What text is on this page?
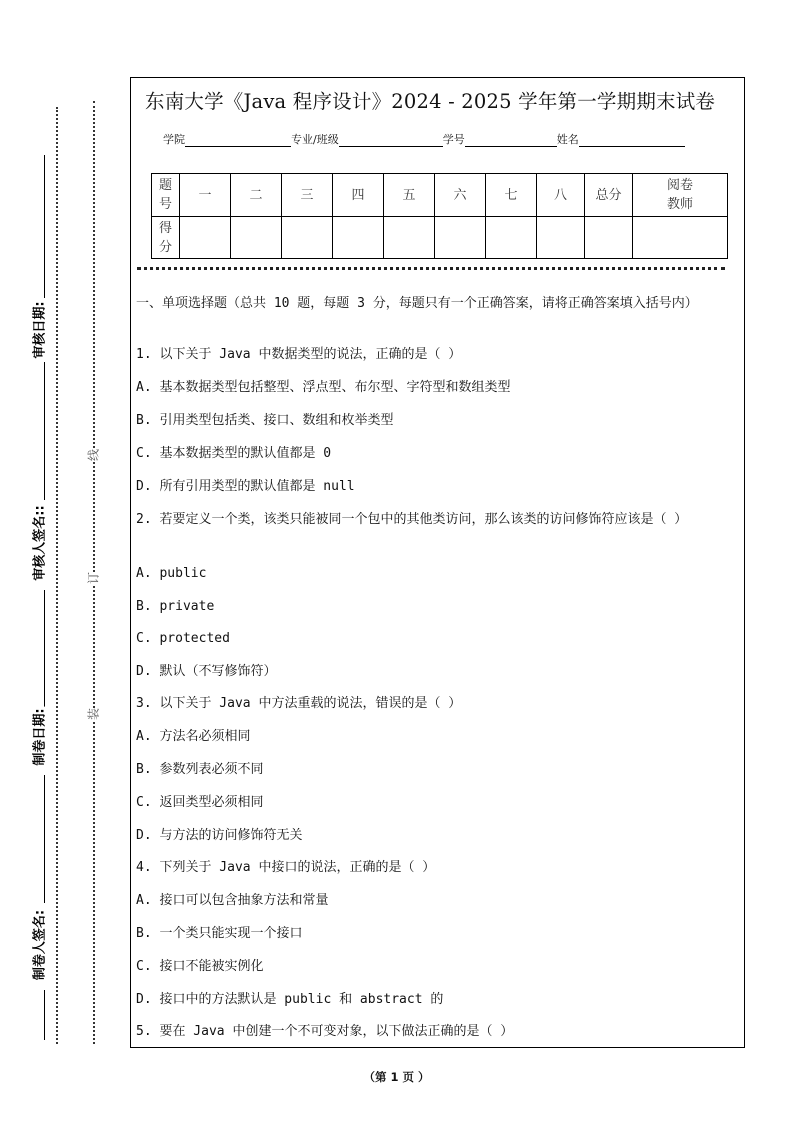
审核日期:
审核人签名::
制卷日期:
制卷人签名:
线
订
装
东南大学《Java 程序设计》2024 - 2025 学年第一学期期末试卷
学院	专业/班级	学号	姓名
题号	一	二	三	四	五	六	七	八	总分	阅卷教师
得分										
一、单项选择题（总共 10 题，每题 3 分，每题只有一个正确答案，请将正确答案填入括号内）
1. 以下关于 Java 中数据类型的说法，正确的是（ ）
A. 基本数据类型包括整型、浮点型、布尔型、字符型和数组类型
B. 引用类型包括类、接口、数组和枚举类型
C. 基本数据类型的默认值都是 0
D. 所有引用类型的默认值都是 null
2. 若要定义一个类，该类只能被同一个包中的其他类访问，那么该类的访问修饰符应该是（ ）
A. public
B. private
C. protected
D. 默认（不写修饰符）
3. 以下关于 Java 中方法重载的说法，错误的是（ ）
A. 方法名必须相同
B. 参数列表必须不同
C. 返回类型必须相同
D. 与方法的访问修饰符无关
4. 下列关于 Java 中接口的说法，正确的是（ ）
A. 接口可以包含抽象方法和常量
B. 一个类只能实现一个接口
C. 接口不能被实例化
D. 接口中的方法默认是 public 和 abstract 的
5. 要在 Java 中创建一个不可变对象，以下做法正确的是（ ）
（第 1 页 ）
